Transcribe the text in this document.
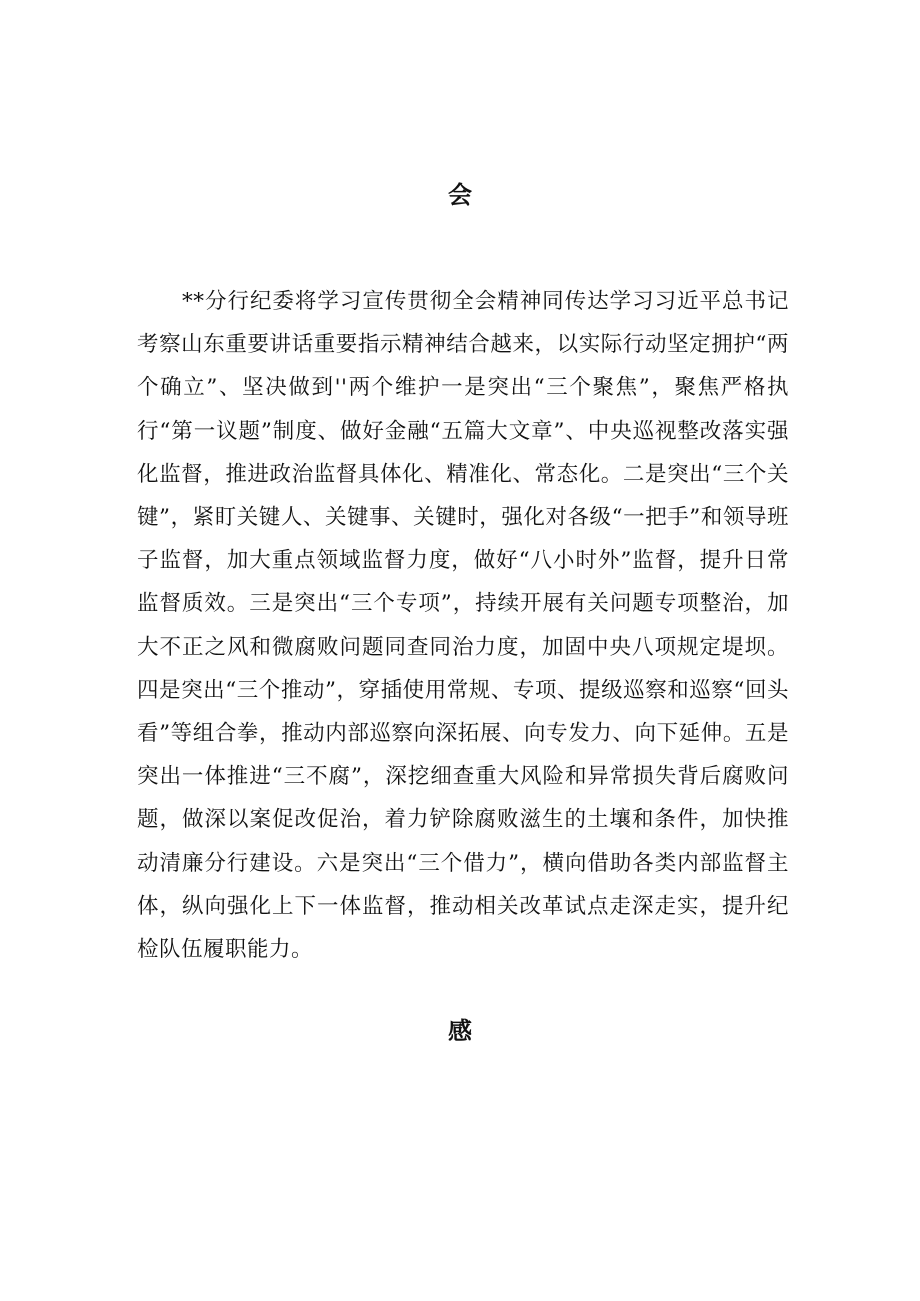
会

**分行纪委将学习宣传贯彻全会精神同传达学习习近平总书记考察山东重要讲话重要指示精神结合越来，以实际行动坚定拥护“两个确立”、坚决做到''两个维护一是突出“三个聚焦”，聚焦严格执行“第一议题”制度、做好金融“五篇大文章”、中央巡视整改落实强化监督，推进政治监督具体化、精准化、常态化。二是突出“三个关键”，紧盯关键人、关键事、关键时，强化对各级“一把手”和领导班子监督，加大重点领域监督力度，做好“八小时外”监督，提升日常监督质效。三是突出“三个专项”，持续开展有关问题专项整治，加大不正之风和微腐败问题同查同治力度，加固中央八项规定堤坝。四是突出“三个推动”，穿插使用常规、专项、提级巡察和巡察“回头看”等组合拳，推动内部巡察向深拓展、向专发力、向下延伸。五是突出一体推进“三不腐”，深挖细查重大风险和异常损失背后腐败问题，做深以案促改促治，着力铲除腐败滋生的土壤和条件，加快推动清廉分行建设。六是突出“三个借力”，横向借助各类内部监督主体，纵向强化上下一体监督，推动相关改革试点走深走实，提升纪检队伍履职能力。

感
